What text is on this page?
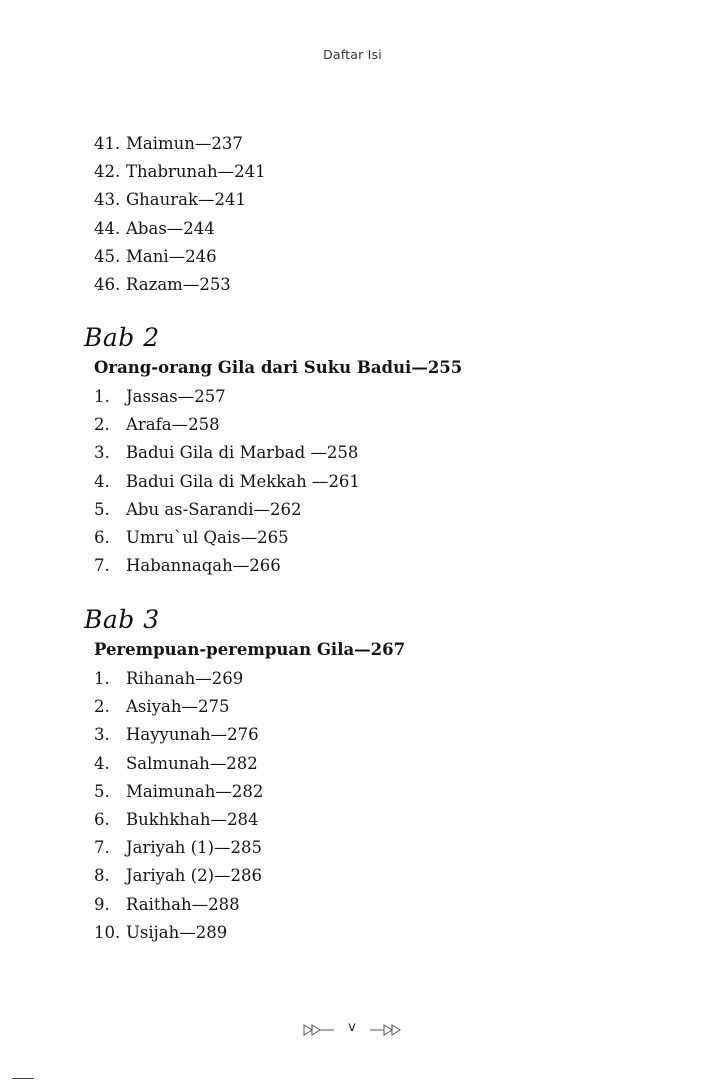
Daftar Isi
41. Maimun—237
42. Thabrunah—241
43. Ghaurak—241
44. Abas—244
45. Mani—246
46. Razam—253
Bab 2
Orang-orang Gila dari Suku Badui—255
1. Jassas—257
2. Arafa—258
3. Badui Gila di Marbad —258
4. Badui Gila di Mekkah —261
5. Abu as-Sarandi—262
6. Umru`ul Qais—265
7. Habannaqah—266
Bab 3
Perempuan-perempuan Gila—267
1. Rihanah—269
2. Asiyah—275
3. Hayyunah—276
4. Salmunah—282
5. Maimunah—282
6. Bukhkhah—284
7. Jariyah (1)—285
8. Jariyah (2)—286
9. Raithah—288
10. Usijah—289
v
